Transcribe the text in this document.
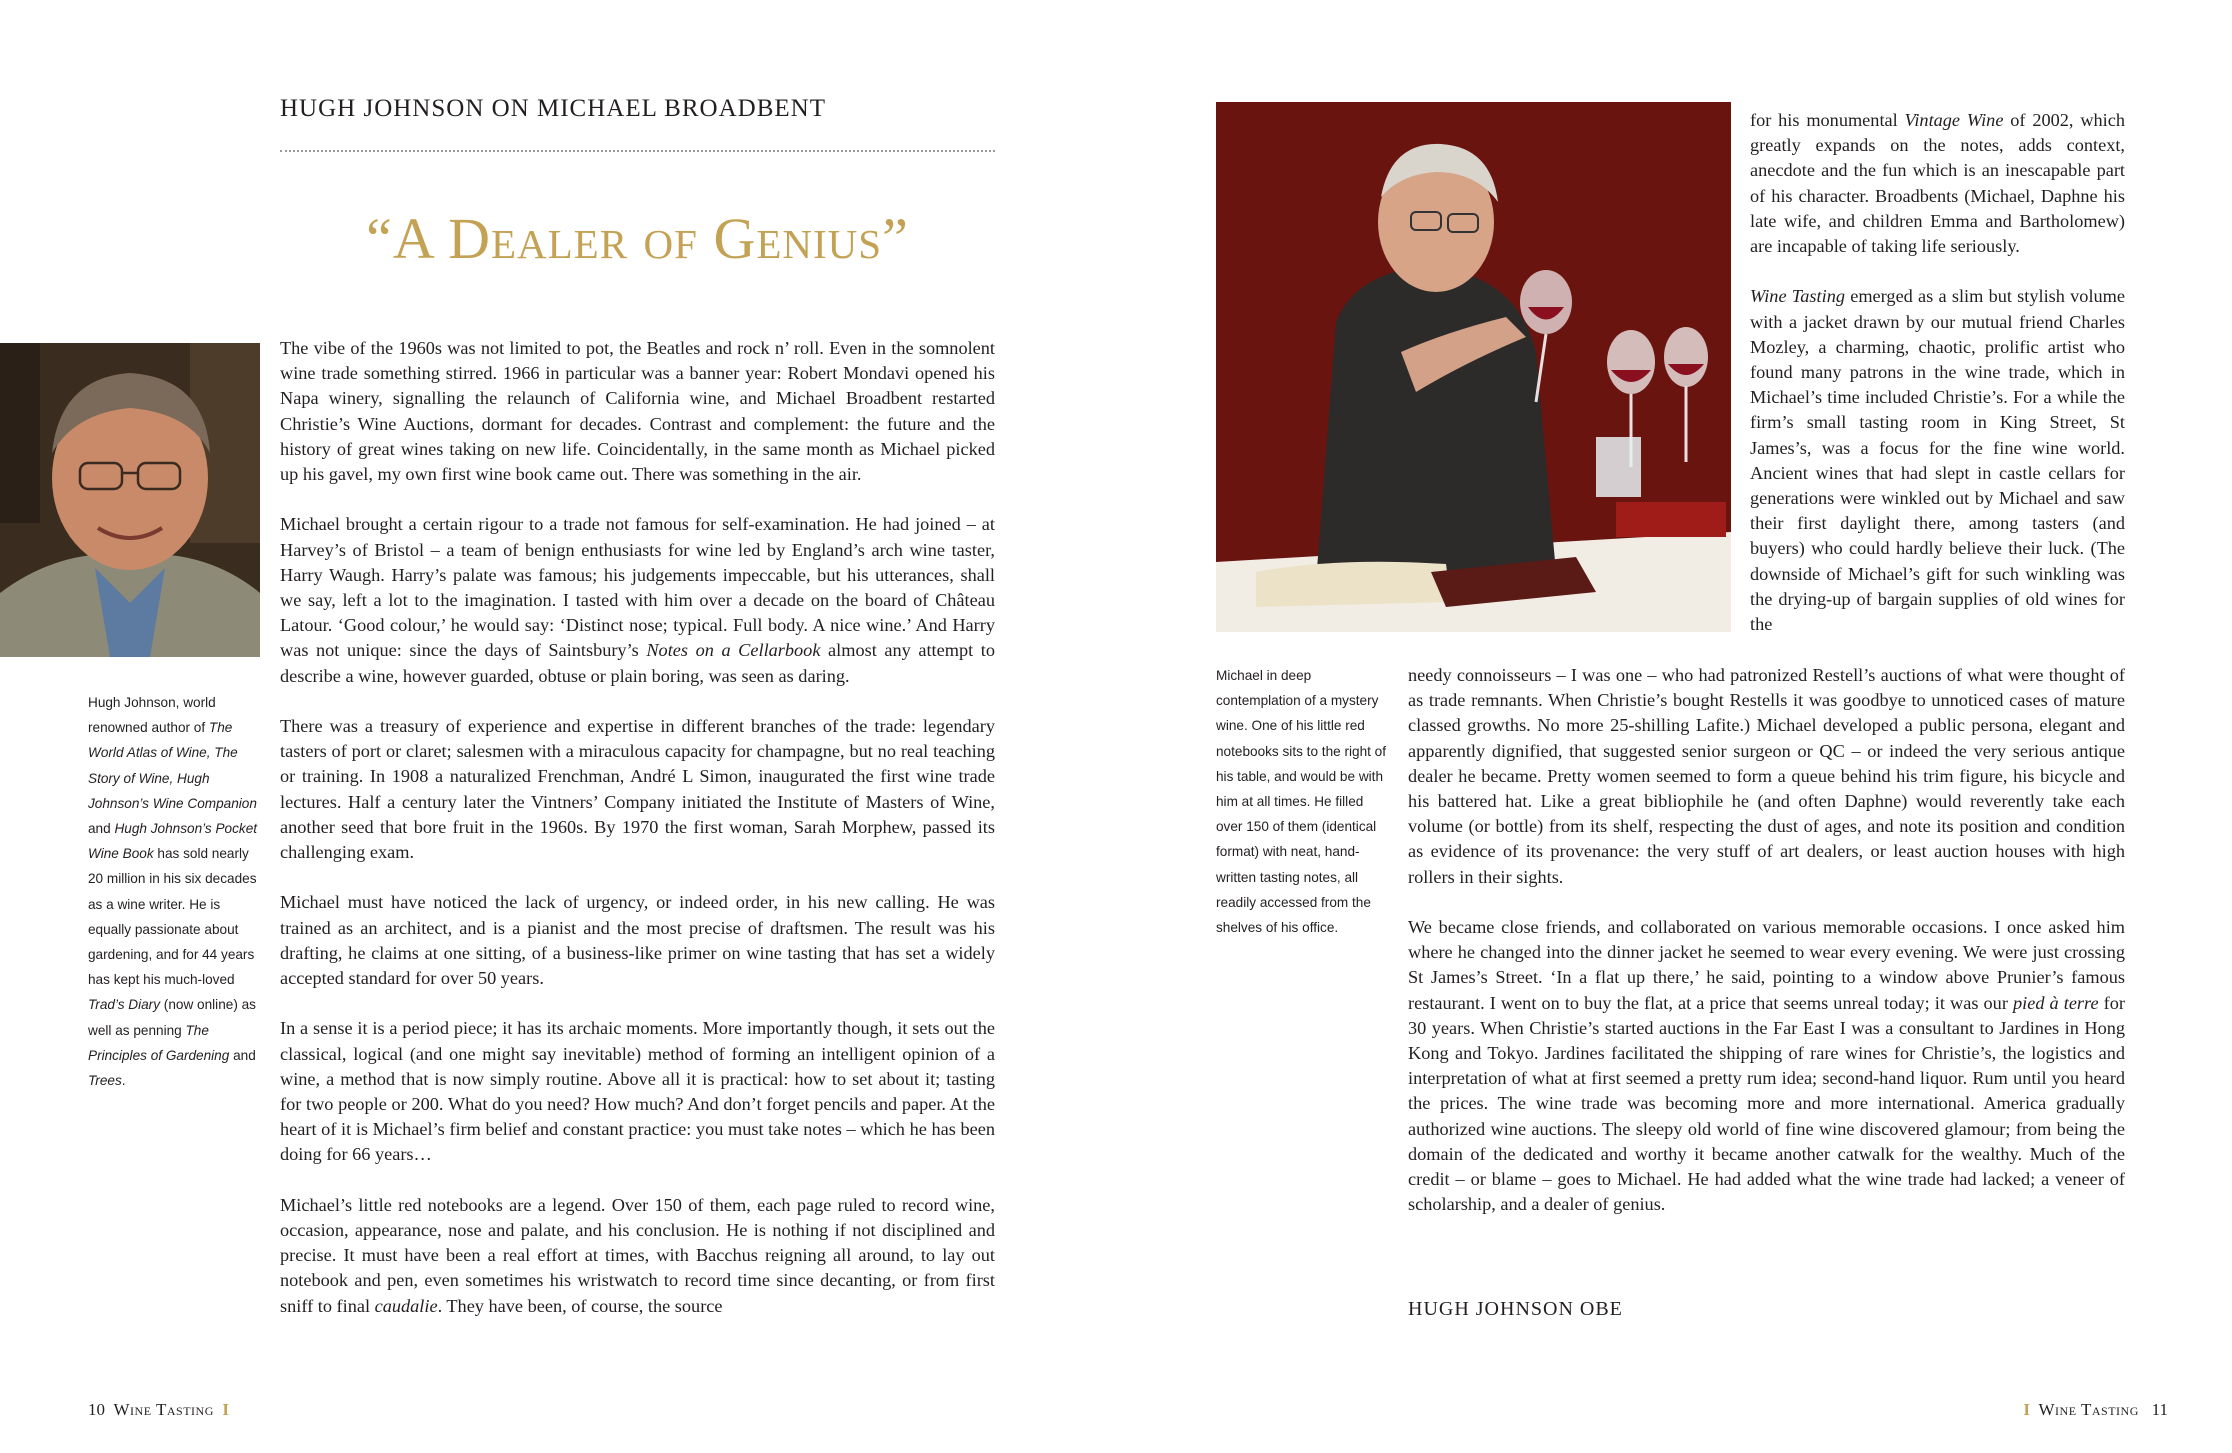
HUGH JOHNSON ON MICHAEL BROADBENT
“A Dealer of Genius”
Hugh Johnson, world renowned author of The World Atlas of Wine, The Story of Wine, Hugh Johnson’s Wine Companion and Hugh Johnson’s Pocket Wine Book has sold nearly 20 million in his six decades as a wine writer. He is equally passionate about gardening, and for 44 years has kept his much-loved Trad’s Diary (now online) as well as penning The Principles of Gardening and Trees.

The vibe of the 1960s was not limited to pot, the Beatles and rock n’ roll. Even in the somnolent wine trade something stirred. 1966 in particular was a banner year: Robert Mondavi opened his Napa winery, signalling the relaunch of California wine, and Michael Broadbent restarted Christie’s Wine Auctions, dormant for decades. Contrast and complement: the future and the history of great wines taking on new life. Coincidentally, in the same month as Michael picked up his gavel, my own first wine book came out. There was something in the air.

Michael brought a certain rigour to a trade not famous for self-examination. He had joined – at Harvey’s of Bristol – a team of benign enthusiasts for wine led by England’s arch wine taster, Harry Waugh. Harry’s palate was famous; his judgements impeccable, but his utterances, shall we say, left a lot to the imagination. I tasted with him over a decade on the board of Château Latour. ‘Good colour,’ he would say: ‘Distinct nose; typical. Full body. A nice wine.’ And Harry was not unique: since the days of Saintsbury’s Notes on a Cellarbook almost any attempt to describe a wine, however guarded, obtuse or plain boring, was seen as daring.

There was a treasury of experience and expertise in different branches of the trade: legendary tasters of port or claret; salesmen with a miraculous capacity for champagne, but no real teaching or training. In 1908 a naturalized Frenchman, André L Simon, inaugurated the first wine trade lectures. Half a century later the Vintners’ Company initiated the Institute of Masters of Wine, another seed that bore fruit in the 1960s. By 1970 the first woman, Sarah Morphew, passed its challenging exam.

Michael must have noticed the lack of urgency, or indeed order, in his new calling. He was trained as an architect, and is a pianist and the most precise of draftsmen. The result was his drafting, he claims at one sitting, of a business-like primer on wine tasting that has set a widely accepted standard for over 50 years.

In a sense it is a period piece; it has its archaic moments. More importantly though, it sets out the classical, logical (and one might say inevitable) method of forming an intelligent opinion of a wine, a method that is now simply routine. Above all it is practical: how to set about it; tasting for two people or 200. What do you need? How much? And don’t forget pencils and paper. At the heart of it is Michael’s firm belief and constant practice: you must take notes – which he has been doing for 66 years…

Michael’s little red notebooks are a legend. Over 150 of them, each page ruled to record wine, occasion, appearance, nose and palate, and his conclusion. He is nothing if not disciplined and precise. It must have been a real effort at times, with Bacchus reigning all around, to lay out notebook and pen, even sometimes his wristwatch to record time since decanting, or from first sniff to final caudalie. They have been, of course, the source

Michael in deep contemplation of a mystery wine. One of his little red notebooks sits to the right of his table, and would be with him at all times. He filled over 150 of them (identical format) with neat, hand-written tasting notes, all readily accessed from the shelves of his office.

for his monumental Vintage Wine of 2002, which greatly expands on the notes, adds context, anecdote and the fun which is an inescapable part of his character. Broadbents (Michael, Daphne his late wife, and children Emma and Bartholomew) are incapable of taking life seriously.

Wine Tasting emerged as a slim but stylish volume with a jacket drawn by our mutual friend Charles Mozley, a charming, chaotic, prolific artist who found many patrons in the wine trade, which in Michael’s time included Christie’s. For a while the firm’s small tasting room in King Street, St James’s, was a focus for the fine wine world. Ancient wines that had slept in castle cellars for generations were winkled out by Michael and saw their first daylight there, among tasters (and buyers) who could hardly believe their luck. (The downside of Michael’s gift for such winkling was the drying-up of bargain supplies of old wines for the

needy connoisseurs – I was one – who had patronized Restell’s auctions of what were thought of as trade remnants. When Christie’s bought Restells it was goodbye to unnoticed cases of mature classed growths. No more 25-shilling Lafite.) Michael developed a public persona, elegant and apparently dignified, that suggested senior surgeon or QC – or indeed the very serious antique dealer he became. Pretty women seemed to form a queue behind his trim figure, his bicycle and his battered hat. Like a great bibliophile he (and often Daphne) would reverently take each volume (or bottle) from its shelf, respecting the dust of ages, and note its position and condition as evidence of its provenance: the very stuff of art dealers, or least auction houses with high rollers in their sights.

We became close friends, and collaborated on various memorable occasions. I once asked him where he changed into the dinner jacket he seemed to wear every evening. We were just crossing St James’s Street. ‘In a flat up there,’ he said, pointing to a window above Prunier’s famous restaurant. I went on to buy the flat, at a price that seems unreal today; it was our pied à terre for 30 years. When Christie’s started auctions in the Far East I was a consultant to Jardines in Hong Kong and Tokyo. Jardines facilitated the shipping of rare wines for Christie’s, the logistics and interpretation of what at first seemed a pretty rum idea; second-hand liquor. Rum until you heard the prices. The wine trade was becoming more and more international. America gradually authorized wine auctions. The sleepy old world of fine wine discovered glamour; from being the domain of the dedicated and worthy it became another catwalk for the wealthy. Much of the credit – or blame – goes to Michael. He had added what the wine trade had lacked; a veneer of scholarship, and a dealer of genius.

HUGH JOHNSON OBE
10 Wine Tasting I	I Wine Tasting 11
